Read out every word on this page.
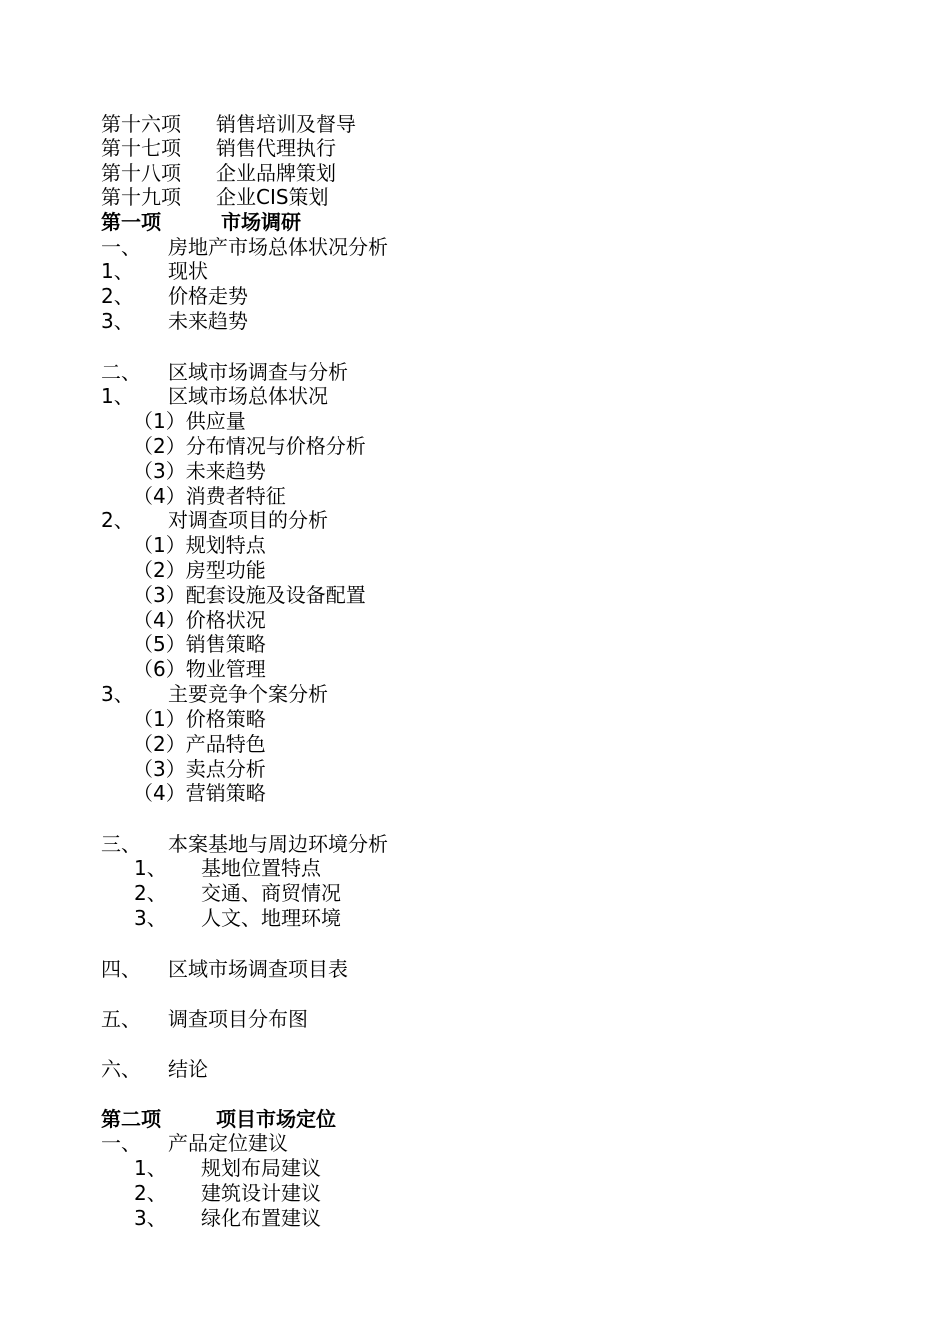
第十六项 销售培训及督导
第十七项 销售代理执行
第十八项 企业品牌策划
第十九项 企业CIS策划
第一项	市场调研
一、 房地产市场总体状况分析
1、 现状
2、 价格走势
3、 未来趋势
二、 区域市场调查与分析
1、 区域市场总体状况
（1）供应量
（2）分布情况与价格分析
（3）未来趋势
（4）消费者特征
2、 对调查项目的分析
（1）规划特点
（2）房型功能
（3）配套设施及设备配置
（4）价格状况
（5）销售策略
（6）物业管理
3、 主要竞争个案分析
（1）价格策略
（2）产品特色
（3）卖点分析
（4）营销策略
三、 本案基地与周边环境分析
1、 基地位置特点
2、 交通、商贸情况
3、 人文、地理环境
四、 区域市场调查项目表
五、 调查项目分布图
六、 结论
第二项	项目市场定位
一、 产品定位建议
1、 规划布局建议
2、 建筑设计建议
3、 绿化布置建议
